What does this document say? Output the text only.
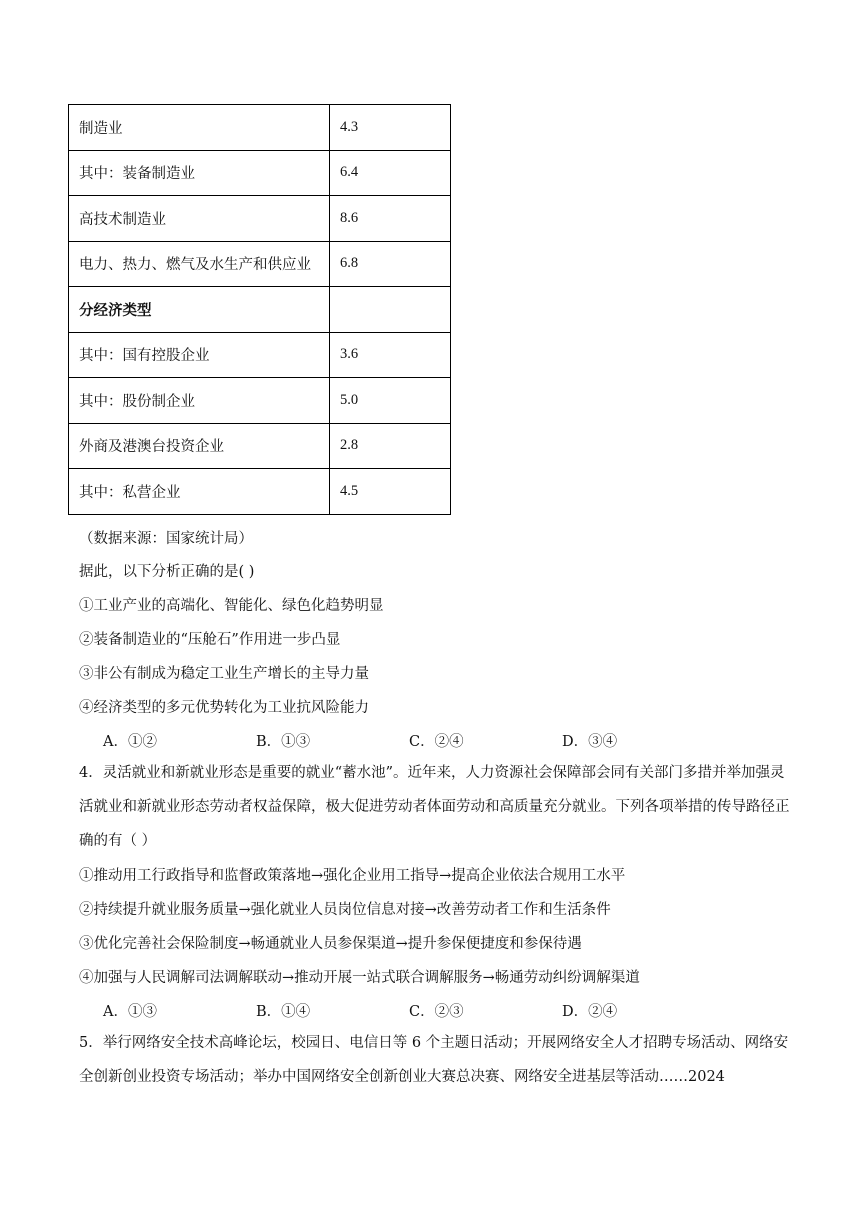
制造业	4.3
其中：装备制造业	6.4
高技术制造业	8.6
电力、热力、燃气及水生产和供应业	6.8
分经济类型	
其中：国有控股企业	3.6
其中：股份制企业	5.0
外商及港澳台投资企业	2.8
其中：私营企业	4.5
（数据来源：国家统计局）
据此，以下分析正确的是( )
①工业产业的高端化、智能化、绿色化趋势明显
②装备制造业的“压舱石”作用进一步凸显
③非公有制成为稳定工业生产增长的主导力量
④经济类型的多元优势转化为工业抗风险能力
A．①②	B．①③	C．②④	D．③④
4．灵活就业和新就业形态是重要的就业“蓄水池”。近年来，人力资源社会保障部会同有关部门多措并举加强灵活就业和新就业形态劳动者权益保障，极大促进劳动者体面劳动和高质量充分就业。下列各项举措的传导路径正确的有（ ）
①推动用工行政指导和监督政策落地→强化企业用工指导→提高企业依法合规用工水平
②持续提升就业服务质量→强化就业人员岗位信息对接→改善劳动者工作和生活条件
③优化完善社会保险制度→畅通就业人员参保渠道→提升参保便捷度和参保待遇
④加强与人民调解司法调解联动→推动开展一站式联合调解服务→畅通劳动纠纷调解渠道
A．①③	B．①④	C．②③	D．②④
5．举行网络安全技术高峰论坛，校园日、电信日等 6 个主题日活动；开展网络安全人才招聘专场活动、网络安全创新创业投资专场活动；举办中国网络安全创新创业大赛总决赛、网络安全进基层等活动……2024
